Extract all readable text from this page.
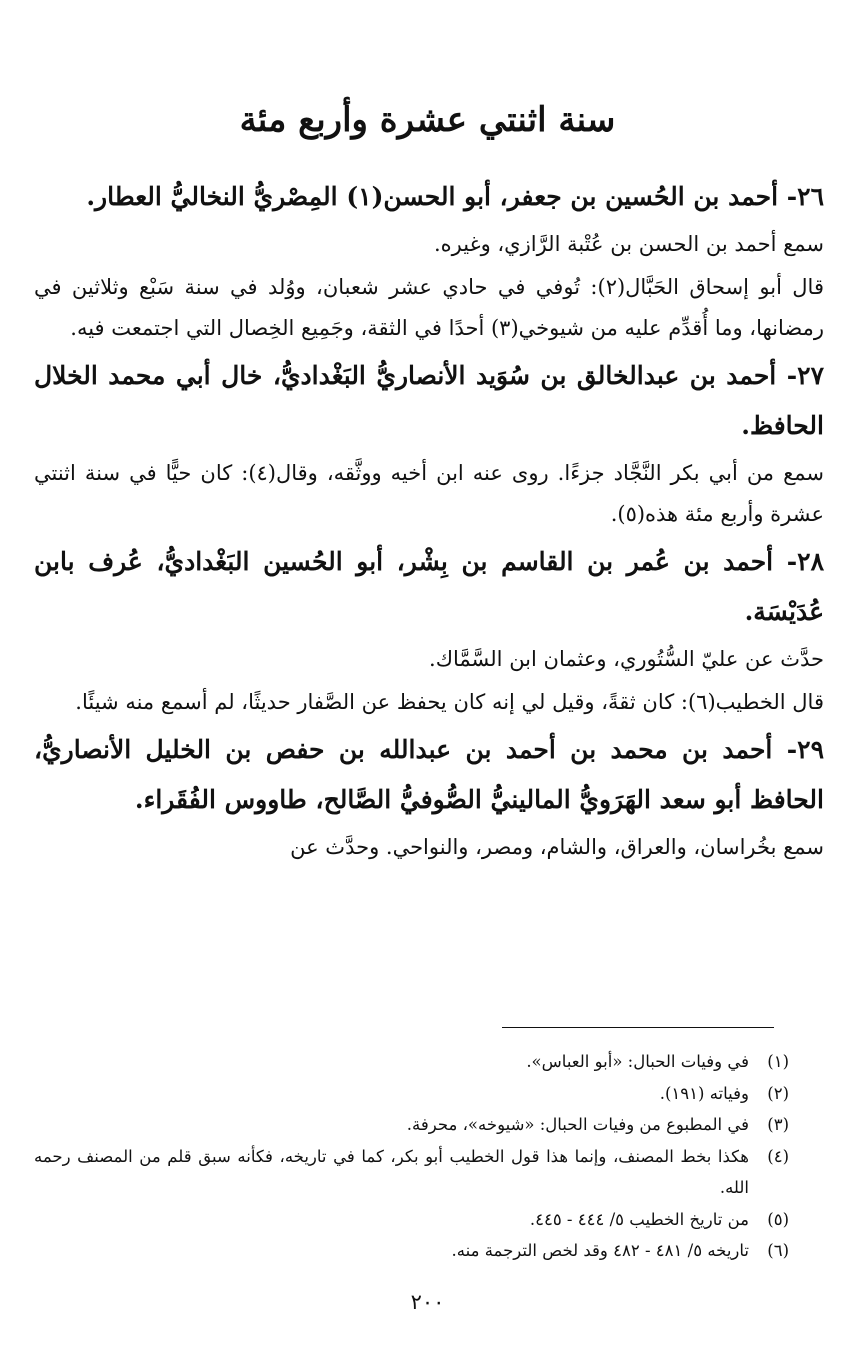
سنة اثنتي عشرة وأربع مئة

٢٦- أحمد بن الحُسين بن جعفر، أبو الحسن(١) المِصْريُّ النخاليُّ العطار.

سمع أحمد بن الحسن بن عُتْبة الرَّازي، وغيره.

قال أبو إسحاق الحَبَّال(٢): تُوفي في حادي عشر شعبان، ووُلد في سنة سَبْع وثلاثين في رمضانها، وما أُقدِّم عليه من شيوخي(٣) أحدًا في الثقة، وجَمِيع الخِصال التي اجتمعت فيه.

٢٧- أحمد بن عبدالخالق بن سُوَيد الأنصاريُّ البَغْداديُّ، خال أبي محمد الخلال الحافظ.

سمع من أبي بكر النَّجَّاد جزءًا. روى عنه ابن أخيه ووثَّقه، وقال(٤): كان حيًّا في سنة اثنتي عشرة وأربع مئة هذه(٥).

٢٨- أحمد بن عُمر بن القاسم بن بِشْر، أبو الحُسين البَغْداديُّ، عُرف بابن عُدَيْسَة.

حدَّث عن عليّ السُّتُوري، وعثمان ابن السَّمَّاك.

قال الخطيب(٦): كان ثقةً، وقيل لي إنه كان يحفظ عن الصَّفار حديثًا، لم أسمع منه شيئًا.

٢٩- أحمد بن محمد بن أحمد بن عبدالله بن حفص بن الخليل الأنصاريُّ، الحافظ أبو سعد الهَرَويُّ المالينيُّ الصُّوفيُّ الصَّالح، طاووس الفُقَراء.

سمع بخُراسان، والعراق، والشام، ومصر، والنواحي. وحدَّث عن

(١)
في وفيات الحبال: «أبو العباس».
(٢)
وفياته (١٩١).
(٣)
في المطبوع من وفيات الحبال: «شيوخه»، محرفة.
(٤)
هكذا بخط المصنف، وإنما هذا قول الخطيب أبو بكر، كما في تاريخه، فكأنه سبق قلم من المصنف رحمه الله.
(٥)
من تاريخ الخطيب ٥/ ٤٤٤ - ٤٤٥.
(٦)
تاريخه ٥/ ٤٨١ - ٤٨٢ وقد لخص الترجمة منه.
٢٠٠
